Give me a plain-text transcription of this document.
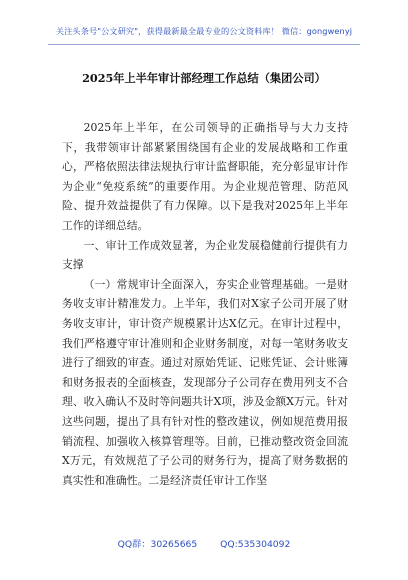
关注头条号"公文研究"，获得最新最全最专业的公文资料库！ 微信：gongwenyj
2025年上半年审计部经理工作总结（集团公司）

2025年上半年，在公司领导的正确指导与大力支持下，我带领审计部紧紧围绕国有企业的发展战略和工作重心，严格依照法律法规执行审计监督职能，充分彰显审计作为企业“免疫系统”的重要作用。为企业规范管理、防范风险、提升效益提供了有力保障。以下是我对2025年上半年工作的详细总结。

一、审计工作成效显著，为企业发展稳健前行提供有力支撑

（一）常规审计全面深入，夯实企业管理基础。一是财务收支审计精准发力。上半年，我们对X家子公司开展了财务收支审计，审计资产规模累计达X亿元。在审计过程中，我们严格遵守审计准则和企业财务制度，对每一笔财务收支进行了细致的审查。通过对原始凭证、记账凭证、会计账簿和财务报表的全面核查，发现部分子公司存在费用列支不合理、收入确认不及时等问题共计X项，涉及金额X万元。针对这些问题，提出了具有针对性的整改建议，例如规范费用报销流程、加强收入核算管理等。目前，已推动整改资金回流X万元，有效规范了子公司的财务行为，提高了财务数据的真实性和准确性。二是经济责任审计工作坚

QQ群：30265665 QQ:535304092
